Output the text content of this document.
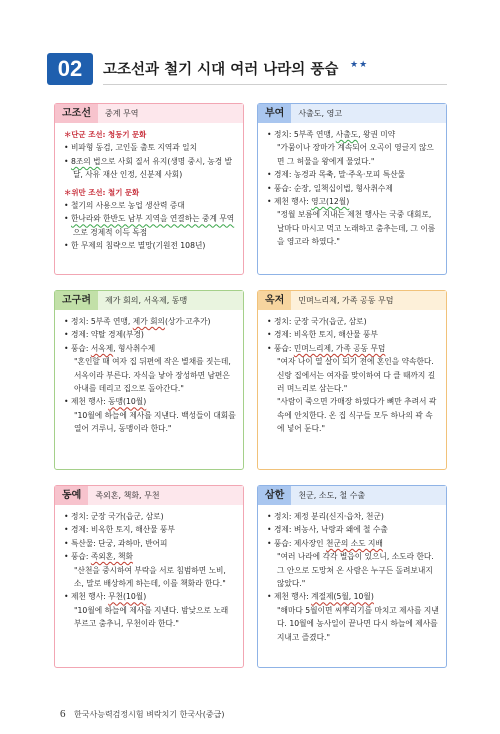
02	고조선과 철기 시대 여러 나라의 풍습 ★★
고조선	중계 무역

＊단군 조선: 청동기 문화

• 비파형 동검, 고인돌 출토 지역과 일치

• 8조의 법으로 사회 질서 유지(생명 중시, 농경 발달, 사유 재산 인정, 신분제 사회)

＊위만 조선: 철기 문화

• 철기의 사용으로 농업 생산력 증대

• 한나라와 한반도 남부 지역을 연결하는 중계 무역으로 경제적 이득 독점

• 한 무제의 침략으로 멸망(기원전 108년)

부여	사출도, 영고

• 정치: 5부족 연맹, 사출도, 왕권 미약

"가뭄이나 장마가 계속되어 오곡이 영글지 않으면 그 허물을 왕에게 물었다."

• 경제: 농경과 목축, 말·주옥·모피 특산물

• 풍습: 순장, 일책십이법, 형사취수제

• 제천 행사: 영고(12월)

"정월 보름에 지내는 제천 행사는 국중 대회로, 날마다 마시고 먹고 노래하고 춤추는데, 그 이름을 영고라 하였다."

고구려	제가 회의, 서옥제, 동맹

• 정치: 5부족 연맹, 제가 회의(상가·고추가)

• 경제: 약탈 경제(부경)

• 풍습: 서옥제, 형사취수제

"혼인할 때 여자 집 뒤편에 작은 별채를 짓는데, 서옥이라 부른다. 자식을 낳아 장성하면 남편은 아내를 데리고 집으로 돌아간다."

• 제천 행사: 동맹(10월)

"10월에 하늘에 제사를 지낸다. 백성들이 대회를 열어 겨루니, 동맹이라 한다."

옥저	민며느리제, 가족 공동 무덤

• 정치: 군장 국가(읍군, 삼로)

• 경제: 비옥한 토지, 해산물 풍부

• 풍습: 민며느리제, 가족 공동 무덤

"여자 나이 열 살이 되기 전에 혼인을 약속한다. 신랑 집에서는 여자를 맞이하여 다 클 때까지 길러 며느리로 삼는다."

"사람이 죽으면 가매장 하였다가 뼈만 추려서 곽 속에 안치한다. 온 집 식구들 모두 하나의 곽 속에 넣어 둔다."

동예	족외혼, 책화, 무천

• 정치: 군장 국가(읍군, 삼로)

• 경제: 비옥한 토지, 해산물 풍부

• 특산물: 단궁, 과하마, 반어피

• 풍습: 족외혼, 책화

"산천을 중시하여 부락을 서로 침범하면 노비, 소, 말로 배상하게 하는데, 이를 책화라 한다."

• 제천 행사: 무천(10월)

"10월에 하늘에 제사를 지낸다. 밤낮으로 노래 부르고 춤추니, 무천이라 한다."

삼한	천군, 소도, 철 수출

• 정치: 제정 분리(신지·읍차, 천군)

• 경제: 벼농사, 낙랑과 왜에 철 수출

• 풍습: 제사장인 천군의 소도 지배

"여러 나라에 각각 별읍이 있으니, 소도라 한다. 그 안으로 도망쳐 온 사람은 누구든 돌려보내지 않았다."

• 제천 행사: 계절제(5월, 10월)

"해마다 5월이면 씨뿌리기를 마치고 제사를 지낸다. 10월에 농사일이 끝나면 다시 하늘에 제사를 지내고 즐겼다."

6 한국사능력검정시험 벼락치기 한국사(중급)
